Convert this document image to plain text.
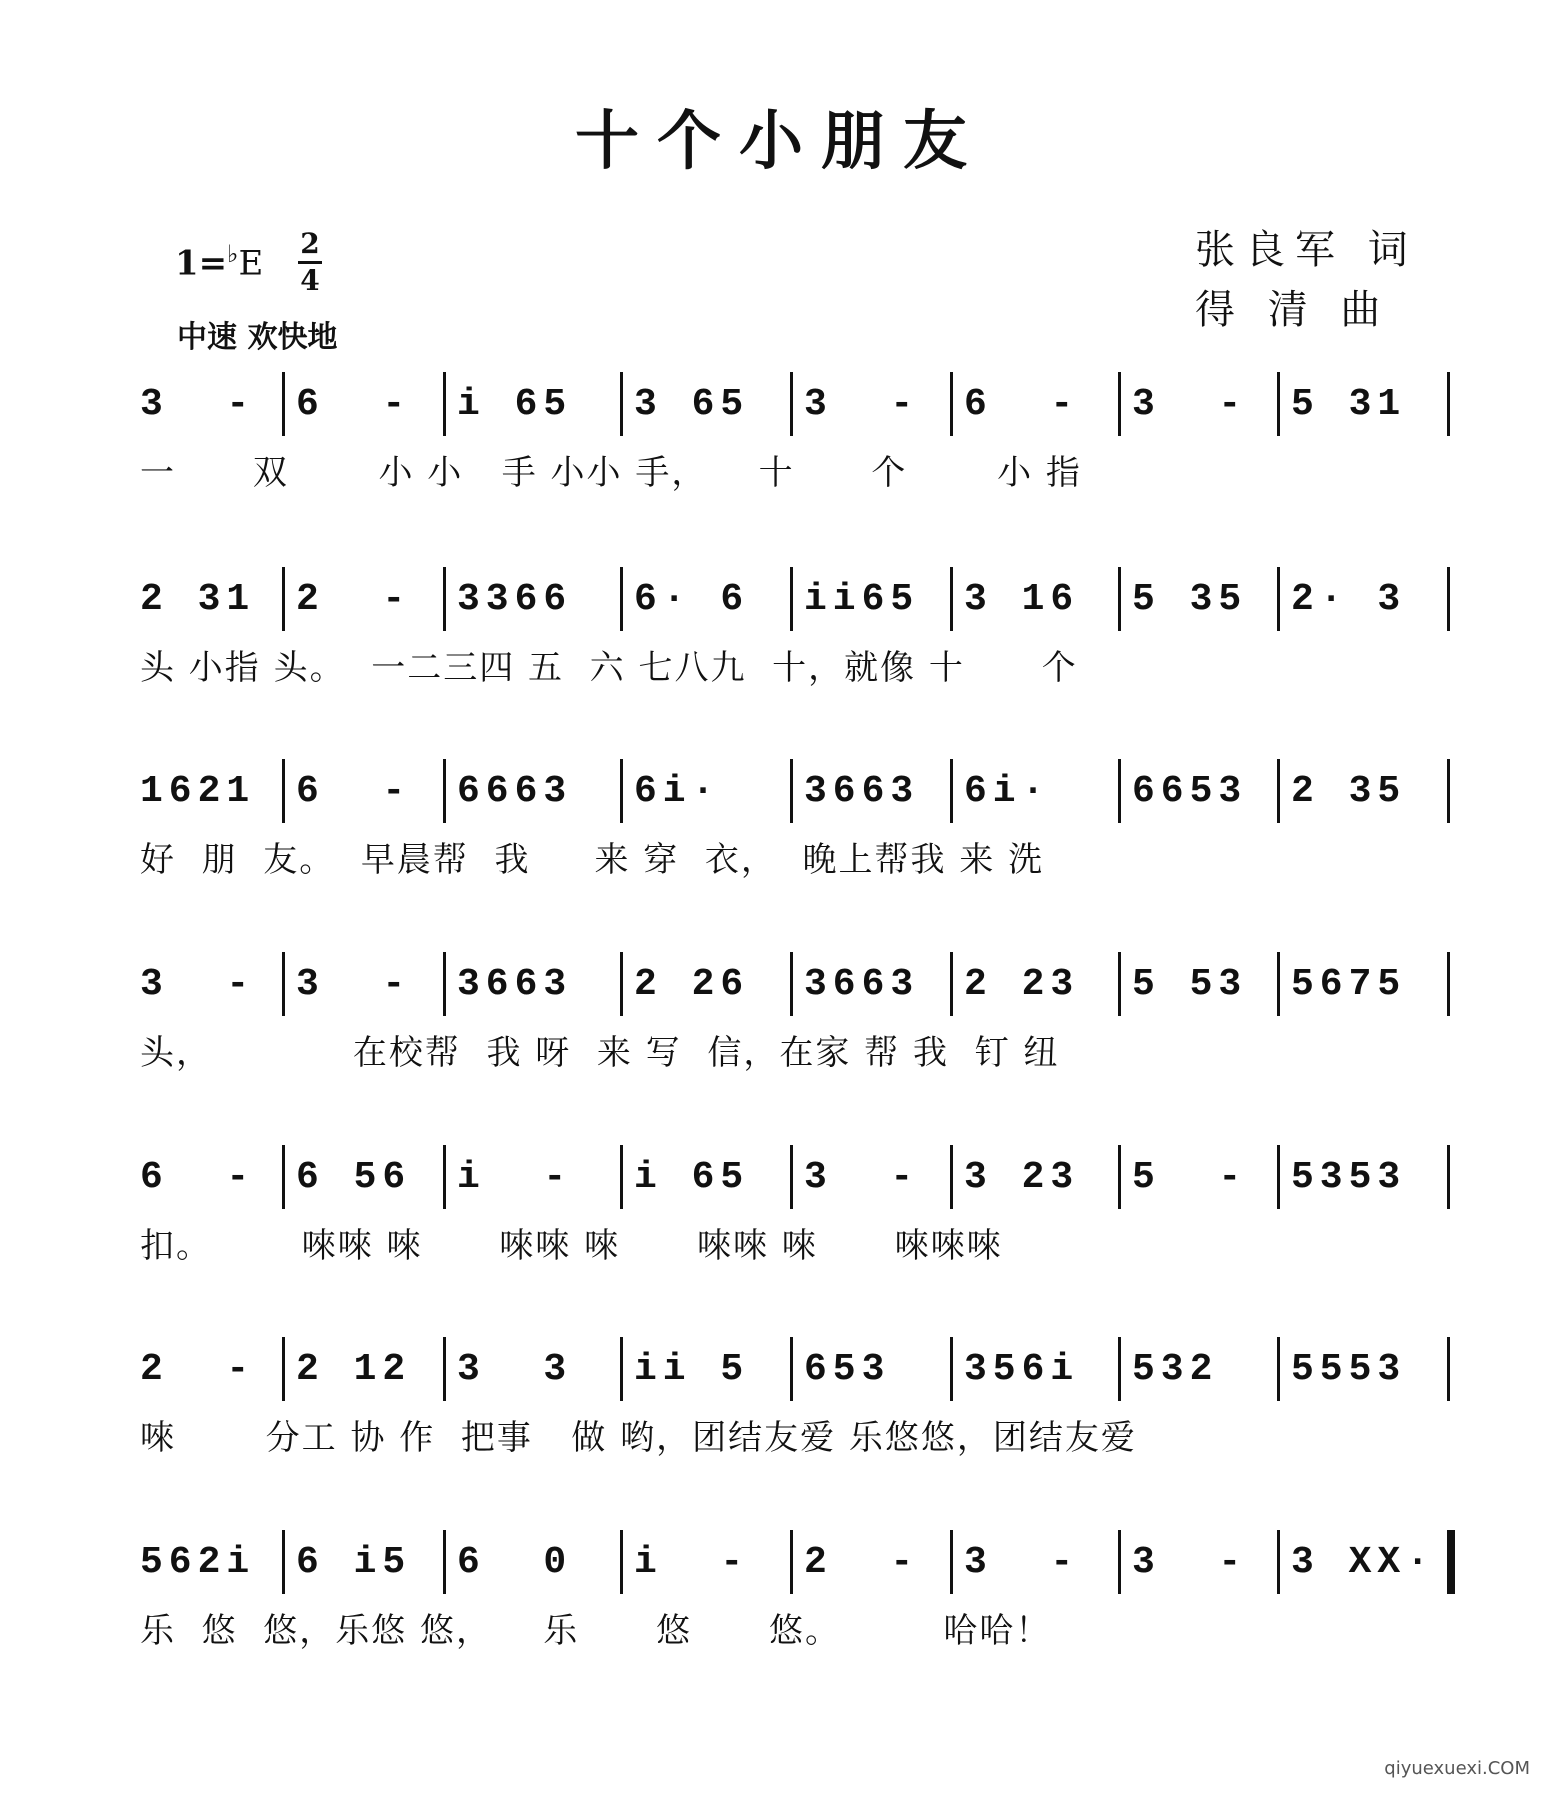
十个小朋友
1=♭E 2
4
中速 欢快地
张良军 词
得 清 曲
3  - 6  - i 65 3 65 3  - 6  - 3  - 5 31
一      双       小 小   手 小小 手，    十      个       小 指
2 31 2  - 3366 6· 6 ii65 3 16 5 35 2· 3
头 小指 头。  一二三四 五  六 七八九  十，就像 十      个
1621 6  - 6663 6i· 3663 6i· 6653 2 35
好  朋  友。  早晨帮  我     来 穿  衣，  晚上帮我 来 洗
3  - 3  - 3663 2 26 3663 2 23 5 53 5675
头，           在校帮  我 呀  来 写  信，在家 帮 我  钉 纽
6  - 6 56 i  - i 65 3  - 3 23 5  - 5353
扣。       唻唻 唻      唻唻 唻      唻唻 唻      唻唻唻
2  - 2 12 3  3 ii 5 653 356i 532 5553
唻       分工 协 作  把事   做 哟，团结友爱 乐悠悠，团结友爱
562i 6 i5 6  0 i  - 2  - 3  - 3  - 3 XX·
乐  悠  悠，乐悠 悠，    乐      悠      悠。        哈哈！
qiyuexuexi.COM
